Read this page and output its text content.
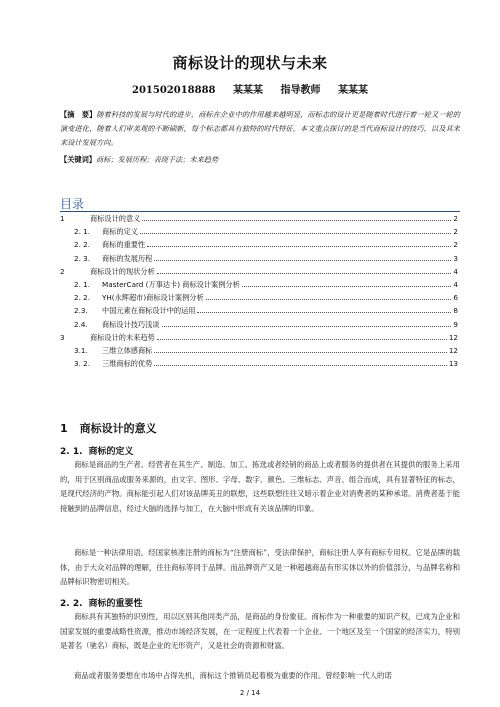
商标设计的现状与未来
201502018888 某某某 指导教师 某某某
【摘　要】随着科技的发展与时代的进步，商标在企业中的作用越来越明显，而标志的设计更是随着时代进行着一轮又一轮的演变进化，随着人们审美观的不断刷新，每个标志都具有独特的时代特征。本文重点探讨的是当代商标设计的技巧，以及其未来设计发展方向。
【关键词】商标；发展历程；表现手法；未来趋势
目录
1	商标设计的意义	2
2. 1.	商标的定义	2
2. 2.	商标的重要性	2
2. 3.	商标的发展历程	3
2	商标设计的现状分析	4
2. 1.	MasterCard (万事达卡) 商标设计案例分析	4
2. 2.	YH(永辉超市)商标设计案例分析	6
2.3.	中国元素在商标设计中的运用	8
2.4.	商标设计技巧浅谈	9
3	商标设计的未来趋势	12
3.1.	三维立体感商标	12
3. 2.	三维商标的优势	13
1 商标设计的意义
2. 1. 商标的定义
商标是商品的生产者、经营者在其生产、制造、加工、拣选或者经销的商品上或者服务的提供者在其提供的服务上采用的，用于区别商品或服务来源的，由文字、图形、字母、数字、颜色、三维标志、声音、组合而成，具有显著特征的标志，是现代经济的产物。商标能引起人们对该品牌美丑的联想，这些联想往往又暗示着企业对消费者的某种承诺。消费者基于能接触到的品牌信息，经过大脑的选择与加工，在大脑中形成有关该品牌的印象。
商标是一种法律用语，经国家核准注册的商标为“注册商标”，受法律保护，商标注册人享有商标专用权。它是品牌的载体，由于大众对品牌的理解，往往商标等同于品牌。而品牌资产又是一种超越商品有形实体以外的价值部分，与品牌名称和品牌标识物密切相关。
2. 2. 商标的重要性
商标具有其独特的识别性，用以区别其他同类产品，是商品的身份象征。商标作为一种重要的知识产权，已成为企业和国家发展的重要战略性资源，推动市场经济发展，在一定程度上代表着一个企业、一个地区及至一个国家的经济实力，特别是著名（驰名）商标，既是企业的无形资产，又是社会的资源和财富。
商品或者服务要想在市场中占得先机，商标这个推销员起着极为重要的作用。曾经影响一代人的诺
2 / 14
